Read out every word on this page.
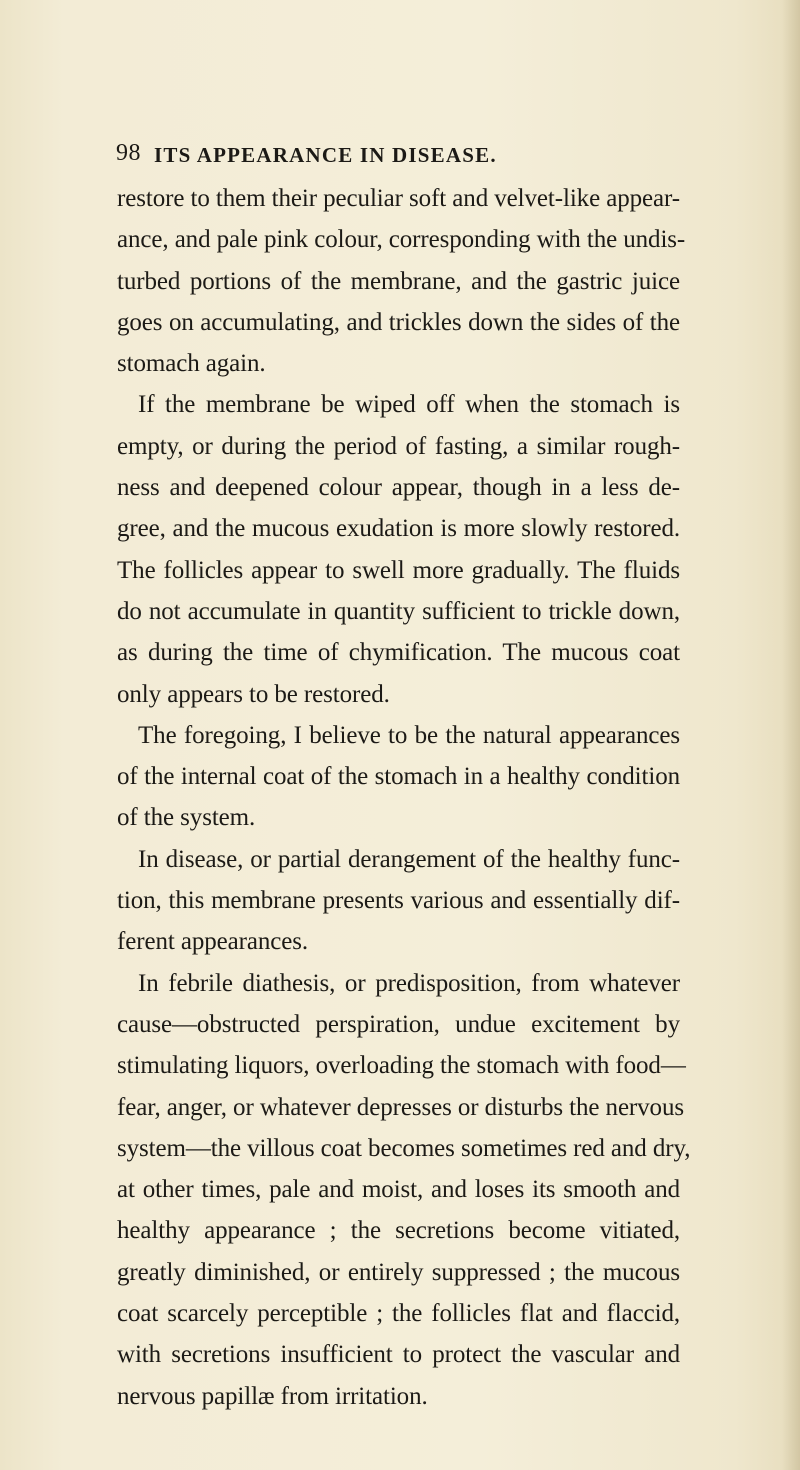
98 ITS APPEARANCE IN DISEASE.
restore to them their peculiar soft and velvet-like appear-
ance, and pale pink colour, corresponding with the undis-
turbed portions of the membrane, and the gastric juice
goes on accumulating, and trickles down the sides of the
stomach again.
If the membrane be wiped off when the stomach is
empty, or during the period of fasting, a similar rough-
ness and deepened colour appear, though in a less de-
gree, and the mucous exudation is more slowly restored.
The follicles appear to swell more gradually. The fluids
do not accumulate in quantity sufficient to trickle down,
as during the time of chymification. The mucous coat
only appears to be restored.
The foregoing, I believe to be the natural appearances
of the internal coat of the stomach in a healthy condition
of the system.
In disease, or partial derangement of the healthy func-
tion, this membrane presents various and essentially dif-
ferent appearances.
In febrile diathesis, or predisposition, from whatever
cause—obstructed perspiration, undue excitement by
stimulating liquors, overloading the stomach with food—
fear, anger, or whatever depresses or disturbs the nervous
system—the villous coat becomes sometimes red and dry,
at other times, pale and moist, and loses its smooth and
healthy appearance ; the secretions become vitiated,
greatly diminished, or entirely suppressed ; the mucous
coat scarcely perceptible ; the follicles flat and flaccid,
with secretions insufficient to protect the vascular and
nervous papillæ from irritation.
